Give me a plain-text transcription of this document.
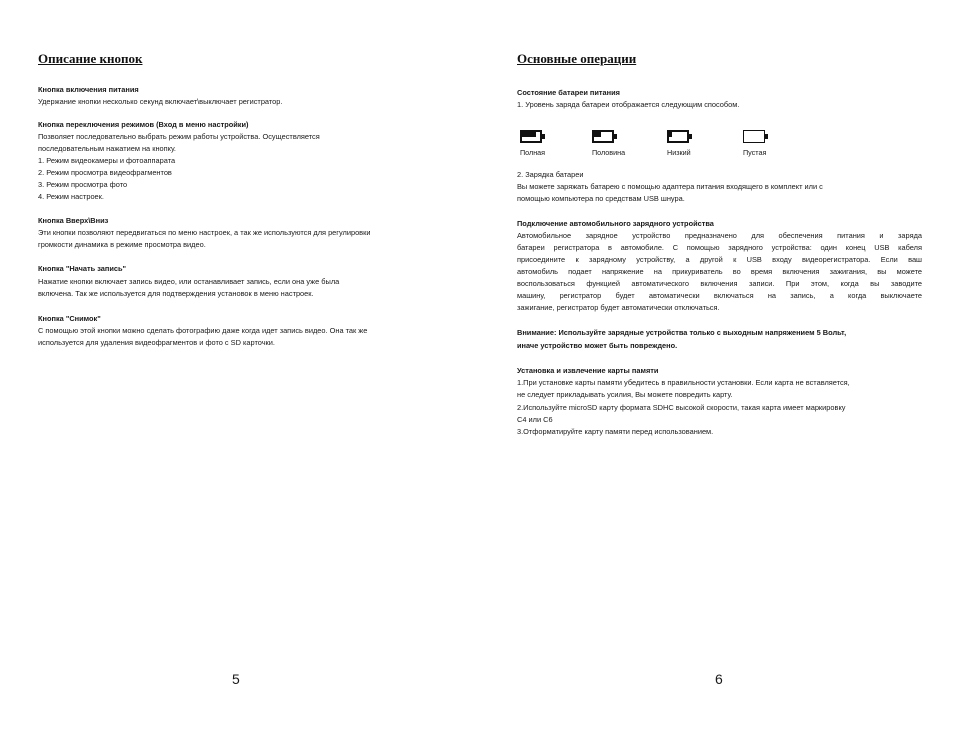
Описание кнопок
Кнопка включения питания
Удержание кнопки несколько секунд включает\выключает регистратор.
Кнопка переключения режимов (Вход в меню настройки)
Позволяет последовательно выбрать режим работы устройства. Осуществляется
последовательным нажатием на кнопку.
1. Режим видеокамеры и фотоаппарата
2. Режим просмотра видеофрагментов
3. Режим просмотра фото
4. Режим настроек.
Кнопка Вверх\Вниз
Эти кнопки позволяют передвигаться по меню настроек, а так же используются для регулировки
громкости динамика в режиме просмотра видео.
Кнопка "Начать запись"
Нажатие кнопки включает запись видео, или останавливает запись, если она уже была
включена. Так же используется для подтверждения установок в меню настроек.
Кнопка "Снимок"
С помощью этой кнопки можно сделать фотографию даже когда идет запись видео. Она так же
используется для удаления видеофрагментов и фото с SD карточки.
5
Основные операции
Состояние батареи питания
1. Уровень заряда батареи отображается следующим способом.
Полная	Половина	Низкий	Пустая
2. Зарядка батареи
Вы можете заряжать батарею с помощью адаптера питания входящего в комплект или с
помощью компьютера по средствам USB шнура.
Подключение автомобильного зарядного устройства
Автомобильное зарядное устройство предназначено для обеспечения питания и заряда
батареи регистратора в автомобиле. С помощью зарядного устройства: один конец USB кабеля
присоедините к зарядному устройству, а другой к USB входу видеорегистратора. Если ваш
автомобиль подает напряжение на прикуриватель во время включения зажигания, вы можете
воспользоваться функцией автоматического включения записи. При этом, когда вы заводите
машину, регистратор будет автоматически включаться на запись, а когда выключаете
зажигание, регистратор будет автоматически отключаться.
Внимание: Используйте зарядные устройства только с выходным напряжением 5 Вольт,
иначе устройство может быть повреждено.
Установка и извлечение карты памяти
1.При установке карты памяти убедитесь в правильности установки. Если карта не вставляется,
не следует прикладывать усилия, Вы можете повредить карту.
2.Используйте microSD карту формата SDHC высокой скорости, такая карта имеет маркировку
C4 или C6
3.Отформатируйте карту памяти перед использованием.
6
